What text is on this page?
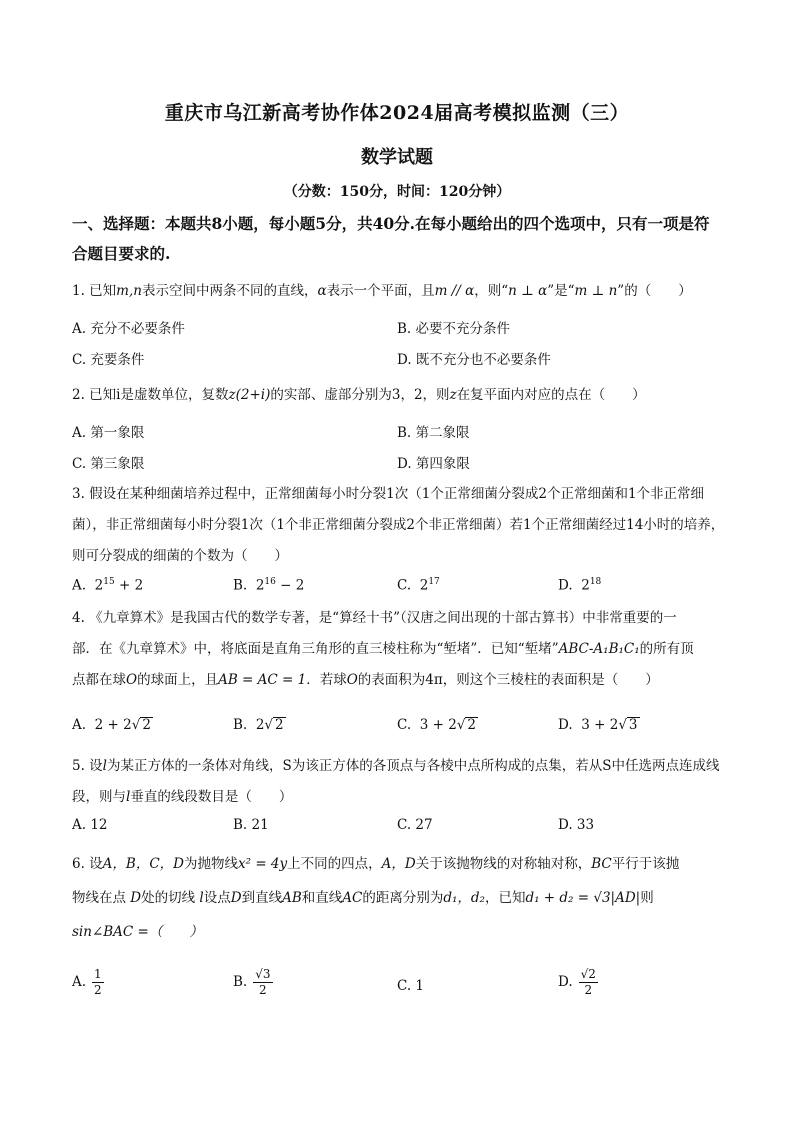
重庆市乌江新高考协作体2024届高考模拟监测（三）
数学试题
（分数：150分，时间：120分钟）
一、选择题：本题共8小题，每小题5分，共40分.在每小题给出的四个选项中，只有一项是符合题目要求的.
1. 已知m,n表示空间中两条不同的直线，α表示一个平面，且m // α，则“n ⊥ α”是“m ⊥ n”的（　　）
A. 充分不必要条件	B. 必要不充分条件
C. 充要条件	D. 既不充分也不必要条件
2. 已知i是虚数单位，复数z(2+i)的实部、虚部分别为3，2，则z在复平面内对应的点在（　　）
A. 第一象限	B. 第二象限
C. 第三象限	D. 第四象限
3. 假设在某种细菌培养过程中，正常细菌每小时分裂1次（1个正常细菌分裂成2个正常细菌和1个非正常细菌），非正常细菌每小时分裂1次（1个非正常细菌分裂成2个非正常细菌）若1个正常细菌经过14小时的培养，则可分裂成的细菌的个数为（　　）
A. $2^{15} + 2$	B. $2^{16} - 2$	C. $2^{17}$	D. $2^{18}$
4. 《九章算术》是我国古代的数学专著，是“算经十书”（汉唐之间出现的十部古算书）中非常重要的一
部．在《九章算术》中，将底面是直角三角形的直三棱柱称为“堑堵”．已知“堑堵”ABC-A₁B₁C₁的所有顶
点都在球O的球面上，且AB = AC = 1．若球O的表面积为4π，则这个三棱柱的表面积是（　　）
A. 2 + 2√ 2	B. 2√ 2	C. 3 + 2√ 2	D. 3 + 2√ 3
5. 设l为某正方体的一条体对角线，S为该正方体的各顶点与各棱中点所构成的点集，若从S中任选两点连成线段，则与l垂直的线段数目是（　　）
A. 12	B. 21	C. 27	D. 33
6. 设A，B，C，D为抛物线x² = 4y上不同的四点，A，D关于该抛物线的对称轴对称，BC平行于该抛
物线在点 D处的切线 l设点D到直线AB和直线AC的距离分别为d₁，d₂，已知d₁ + d₂ = √3|AD|则
sin∠BAC =（　　）
A. $\frac{1}{2}$	B. $\frac{√3}{2}$	C. 1	D. $\frac{√2}{2}$
